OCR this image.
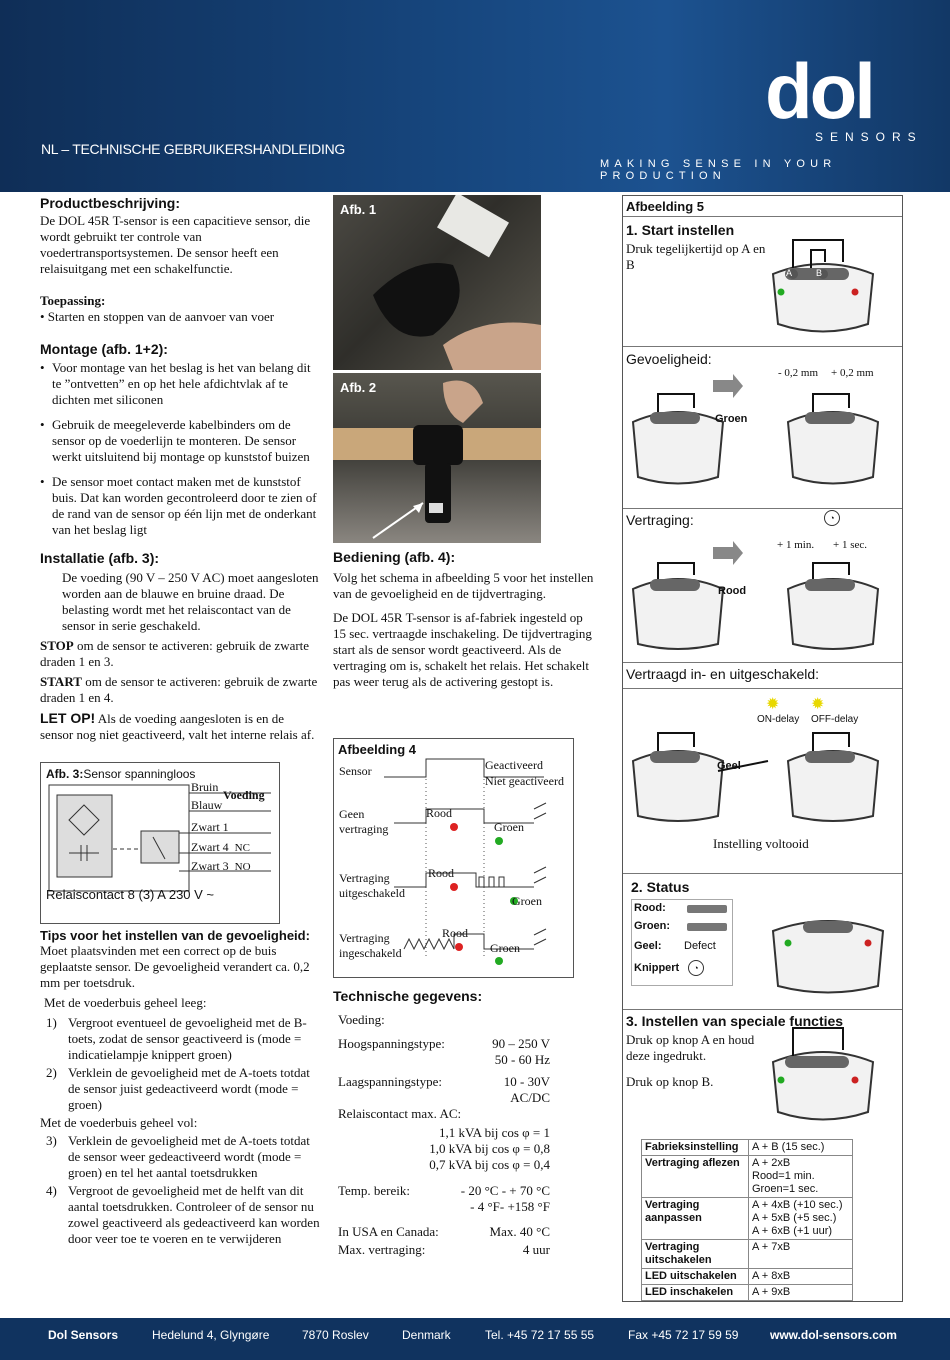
NL – TECHNISCHE GEBRUIKERSHANDLEIDING
dol
SENSORS
MAKING SENSE IN YOUR PRODUCTION
Productbeschrijving:

De DOL 45R T-sensor is een capacitieve sensor, die wordt gebruikt ter controle van voedertransportsystemen. De sensor heeft een relaisuitgang met een schakelfunctie.

Toepassing:

• Starten en stoppen van de aanvoer van voer

Montage (afb. 1+2):

• Voor montage van het beslag is het van belang dit te ”ontvetten” en op het hele afdichtvlak af te dichten met siliconen

• Gebruik de meegeleverde kabelbinders om de sensor op de voederlijn te monteren. De sensor werkt uitsluitend bij montage op kunststof buizen

• De sensor moet contact maken met de kunststof buis. Dat kan worden gecontroleerd door te zien of de rand van de sensor op één lijn met de onderkant van het beslag ligt

Installatie (afb. 3):

De voeding (90 V – 250 V AC) moet aangesloten worden aan de blauwe en bruine draad. De belasting wordt met het relaiscontact van de sensor in serie geschakeld.

STOP om de sensor te activeren: gebruik de zwarte draden 1 en 3.

START om de sensor te activeren: gebruik de zwarte draden 1 en 4.

LET OP! Als de voeding aangesloten is en de sensor nog niet geactiveerd, valt het interne relais af.

Afb. 3:Sensor spanningloos
Bruin
Voeding
Blauw
Zwart 1
Zwart 4 NC
Zwart 3 NO
Relaiscontact 8 (3) A 230 V ~
Tips voor het instellen van de gevoeligheid:

Moet plaatsvinden met een correct op de buis geplaatste sensor. De gevoeligheid verandert ca. 0,2 mm per toetsdruk.

Met de voederbuis geheel leeg:

1) Vergroot eventueel de gevoeligheid met de B-toets, zodat de sensor geactiveerd is (mode = indicatielampje knippert groen)

2) Verklein de gevoeligheid met de A-toets totdat de sensor juist gedeactiveerd wordt (mode = groen)

Met de voederbuis geheel vol:

3) Verklein de gevoeligheid met de A-toets totdat de sensor weer gedeactiveerd wordt (mode = groen) en tel het aantal toetsdrukken

4) Vergroot de gevoeligheid met de helft van dit aantal toetsdrukken. Controleer of de sensor nu zowel geactiveerd als gedeactiveerd kan worden door veer toe te voeren en te verwijderen

Afb. 1
Afb. 2
Bediening (afb. 4):

Volg het schema in afbeelding 5 voor het instellen van de gevoeligheid en de tijdvertraging.

De DOL 45R T-sensor is af-fabriek ingesteld op 15 sec. vertraagde inschakeling. De tijdvertraging start als de sensor wordt geactiveerd. Als de vertraging om is, schakelt het relais. Het schakelt pas weer terug als de activering gestopt is.

Afbeelding 4
Sensor	Geactiveerd
Niet geactiveerd
Geen vertraging
Rood
Groen
Vertraging uitgeschakeld
Rood
Groen
Vertraging ingeschakeld
Rood
Groen
Technische gegevens:

Voeding:

Hoogspanningstype:	90 – 250 V
50 - 60 Hz
Laagspanningstype:	10 - 30V
AC/DC

Relaiscontact max. AC:

1,1 kVA bij cos φ = 1

1,0 kVA bij cos φ = 0,8

0,7 kVA bij cos φ = 0,4

Temp. bereik:	- 20 °C - + 70 °C

- 4 °F- +158 °F

In USA en Canada:	Max. 40 °C
Max. vertraging:	4 uur
Afbeelding 5
1. Start instellen
Druk tegelijkertijd op A en B
Gevoeligheid:
- 0,2 mm + 0,2 mm
Groen
Vertraging:	◔
+ 1 min. + 1 sec.
Rood
Vertraagd in- en uitgeschakeld:
✹ ✹
ON-delay OFF-delay
Geel
Instelling voltooid
2. Status
Rood:
Groen:
Geel: Defect
Knippert	◔
3. Instellen van speciale functies
Druk op knop A en houd deze ingedrukt.
Druk op knop B.
Fabrieksinstelling	A + B (15 sec.)
Vertraging aflezen	A + 2xB
Rood=1 min.
Groen=1 sec.
Vertraging aanpassen	A + 4xB (+10 sec.)
A + 5xB (+5 sec.)
A + 6xB (+1 uur)
Vertraging uitschakelen	A + 7xB
LED uitschakelen	A + 8xB
LED inschakelen	A + 9xB
A	B
Dol Sensors	Hedelund 4, Glyngøre	7870 Roslev	Denmark	Tel. +45 72 17 55 55	Fax +45 72 17 59 59	www.dol-sensors.com
